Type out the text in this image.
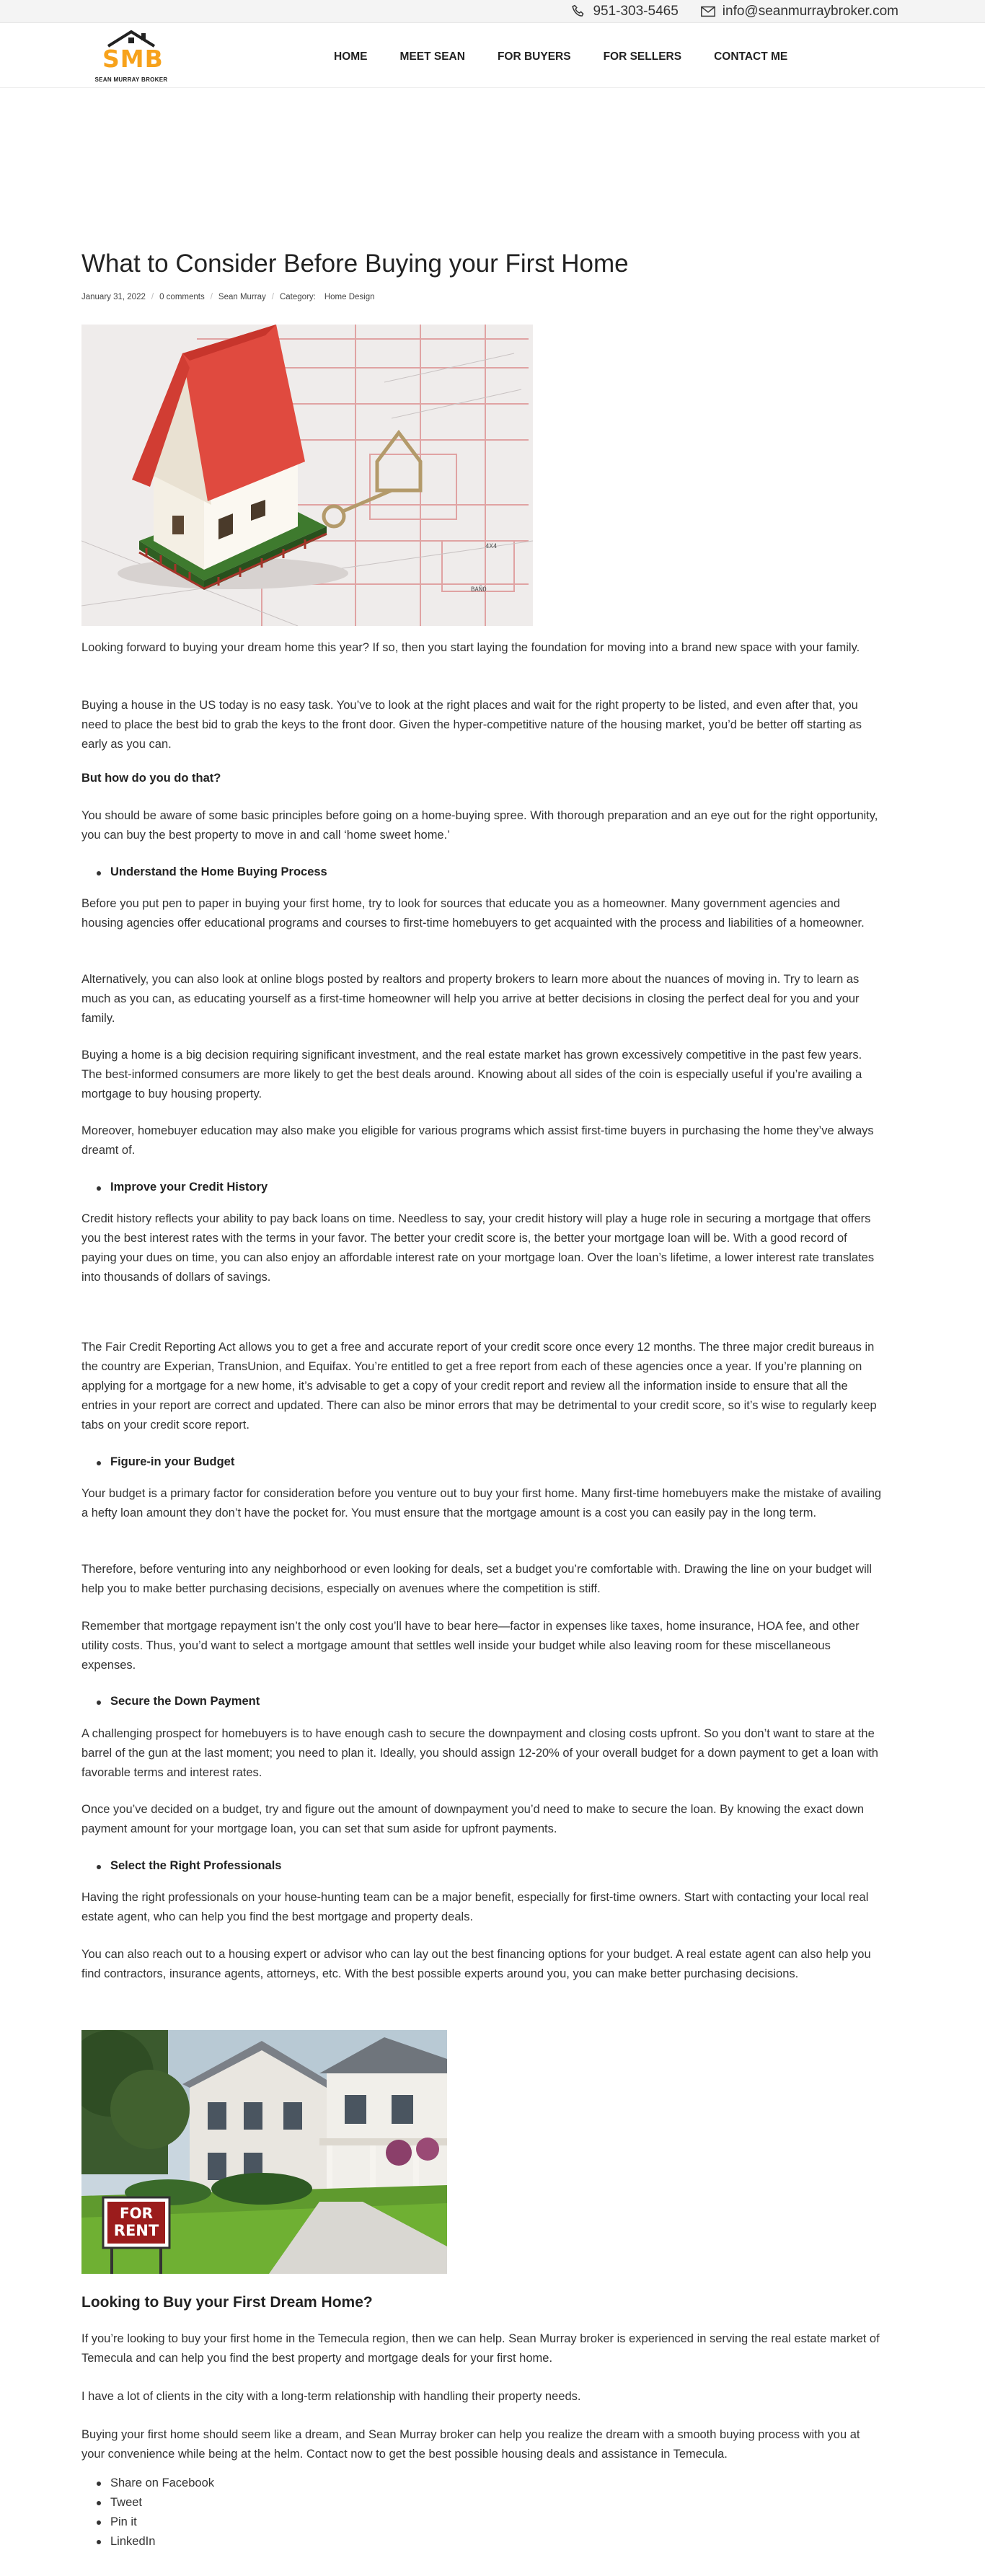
951-303-5465	info@seanmurraybroker.com
SMB
SEAN MURRAY BROKER
HOME	MEET SEAN	FOR BUYERS	FOR SELLERS	CONTACT ME
What to Consider Before Buying your First Home
January 31, 2022 / 0 comments / Sean Murray / Category: Home Design
4X4
BAÑO

Looking forward to buying your dream home this year? If so, then you start laying the foundation for moving into a brand new space with your family.

Buying a house in the US today is no easy task. You’ve to look at the right places and wait for the right property to be listed, and even after that, you need to place the best bid to grab the keys to the front door. Given the hyper-competitive nature of the housing market, you’d be better off starting as early as you can.

But how do you do that?

You should be aware of some basic principles before going on a home-buying spree. With thorough preparation and an eye out for the right opportunity, you can buy the best property to move in and call ‘home sweet home.’

Understand the Home Buying Process

Before you put pen to paper in buying your first home, try to look for sources that educate you as a homeowner. Many government agencies and housing agencies offer educational programs and courses to first-time homebuyers to get acquainted with the process and liabilities of a homeowner.

Alternatively, you can also look at online blogs posted by realtors and property brokers to learn more about the nuances of moving in. Try to learn as much as you can, as educating yourself as a first-time homeowner will help you arrive at better decisions in closing the perfect deal for you and your family.

Buying a home is a big decision requiring significant investment, and the real estate market has grown excessively competitive in the past few years. The best-informed consumers are more likely to get the best deals around. Knowing about all sides of the coin is especially useful if you’re availing a mortgage to buy housing property.

Moreover, homebuyer education may also make you eligible for various programs which assist first-time buyers in purchasing the home they’ve always dreamt of.

Improve your Credit History

Credit history reflects your ability to pay back loans on time. Needless to say, your credit history will play a huge role in securing a mortgage that offers you the best interest rates with the terms in your favor. The better your credit score is, the better your mortgage loan will be. With a good record of paying your dues on time, you can also enjoy an affordable interest rate on your mortgage loan. Over the loan’s lifetime, a lower interest rate translates into thousands of dollars of savings.

The Fair Credit Reporting Act allows you to get a free and accurate report of your credit score once every 12 months. The three major credit bureaus in the country are Experian, TransUnion, and Equifax. You’re entitled to get a free report from each of these agencies once a year. If you’re planning on applying for a mortgage for a new home, it’s advisable to get a copy of your credit report and review all the information inside to ensure that all the entries in your report are correct and updated. There can also be minor errors that may be detrimental to your credit score, so it’s wise to regularly keep tabs on your credit score report.

Figure-in your Budget

Your budget is a primary factor for consideration before you venture out to buy your first home. Many first-time homebuyers make the mistake of availing a hefty loan amount they don’t have the pocket for. You must ensure that the mortgage amount is a cost you can easily pay in the long term.

Therefore, before venturing into any neighborhood or even looking for deals, set a budget you’re comfortable with. Drawing the line on your budget will help you to make better purchasing decisions, especially on avenues where the competition is stiff.

Remember that mortgage repayment isn’t the only cost you’ll have to bear here—factor in expenses like taxes, home insurance, HOA fee, and other utility costs. Thus, you’d want to select a mortgage amount that settles well inside your budget while also leaving room for these miscellaneous expenses.

Secure the Down Payment

A challenging prospect for homebuyers is to have enough cash to secure the downpayment and closing costs upfront. So you don’t want to stare at the barrel of the gun at the last moment; you need to plan it. Ideally, you should assign 12-20% of your overall budget for a down payment to get a loan with favorable terms and interest rates.

Once you’ve decided on a budget, try and figure out the amount of downpayment you’d need to make to secure the loan. By knowing the exact down payment amount for your mortgage loan, you can set that sum aside for upfront payments.

Select the Right Professionals

Having the right professionals on your house-hunting team can be a major benefit, especially for first-time owners. Start with contacting your local real estate agent, who can help you find the best mortgage and property deals.

You can also reach out to a housing expert or advisor who can lay out the best financing options for your budget. A real estate agent can also help you find contractors, insurance agents, attorneys, etc. With the best possible experts around you, you can make better purchasing decisions.

FOR
RENT
Looking to Buy your First Dream Home?

If you’re looking to buy your first home in the Temecula region, then we can help. Sean Murray broker is experienced in serving the real estate market of Temecula and can help you find the best property and mortgage deals for your first home.

I have a lot of clients in the city with a long-term relationship with handling their property needs.

Buying your first home should seem like a dream, and Sean Murray broker can help you realize the dream with a smooth buying process with you at your convenience while being at the helm. Contact now to get the best possible housing deals and assistance in Temecula.

Share on Facebook
Tweet
Pin it
LinkedIn
